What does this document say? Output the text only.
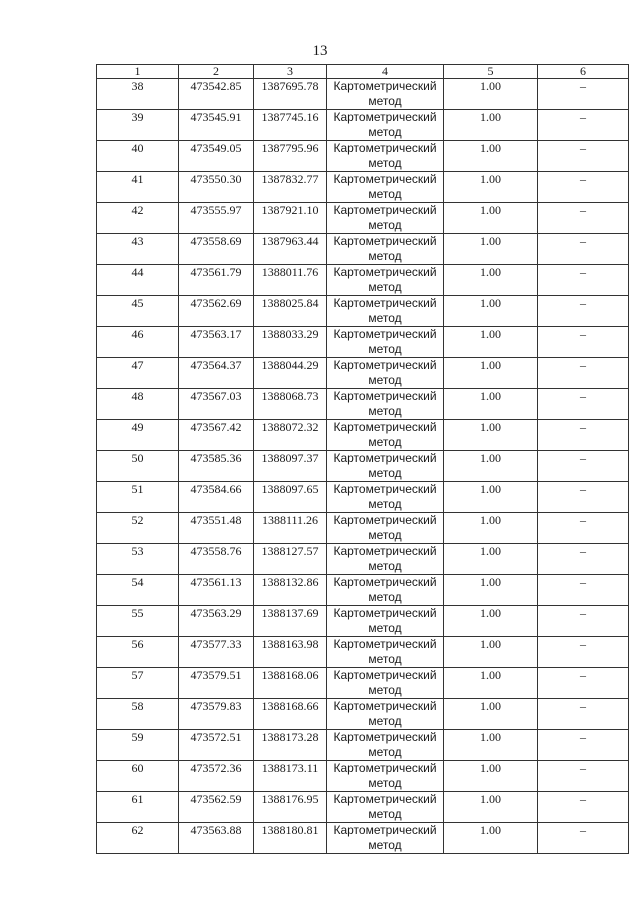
13
1	2	3	4	5	6
38	473542.85	1387695.78	Картометрический метод	1.00	–
39	473545.91	1387745.16	Картометрический метод	1.00	–
40	473549.05	1387795.96	Картометрический метод	1.00	–
41	473550.30	1387832.77	Картометрический метод	1.00	–
42	473555.97	1387921.10	Картометрический метод	1.00	–
43	473558.69	1387963.44	Картометрический метод	1.00	–
44	473561.79	1388011.76	Картометрический метод	1.00	–
45	473562.69	1388025.84	Картометрический метод	1.00	–
46	473563.17	1388033.29	Картометрический метод	1.00	–
47	473564.37	1388044.29	Картометрический метод	1.00	–
48	473567.03	1388068.73	Картометрический метод	1.00	–
49	473567.42	1388072.32	Картометрический метод	1.00	–
50	473585.36	1388097.37	Картометрический метод	1.00	–
51	473584.66	1388097.65	Картометрический метод	1.00	–
52	473551.48	1388111.26	Картометрический метод	1.00	–
53	473558.76	1388127.57	Картометрический метод	1.00	–
54	473561.13	1388132.86	Картометрический метод	1.00	–
55	473563.29	1388137.69	Картометрический метод	1.00	–
56	473577.33	1388163.98	Картометрический метод	1.00	–
57	473579.51	1388168.06	Картометрический метод	1.00	–
58	473579.83	1388168.66	Картометрический метод	1.00	–
59	473572.51	1388173.28	Картометрический метод	1.00	–
60	473572.36	1388173.11	Картометрический метод	1.00	–
61	473562.59	1388176.95	Картометрический метод	1.00	–
62	473563.88	1388180.81	Картометрический метод	1.00	–
